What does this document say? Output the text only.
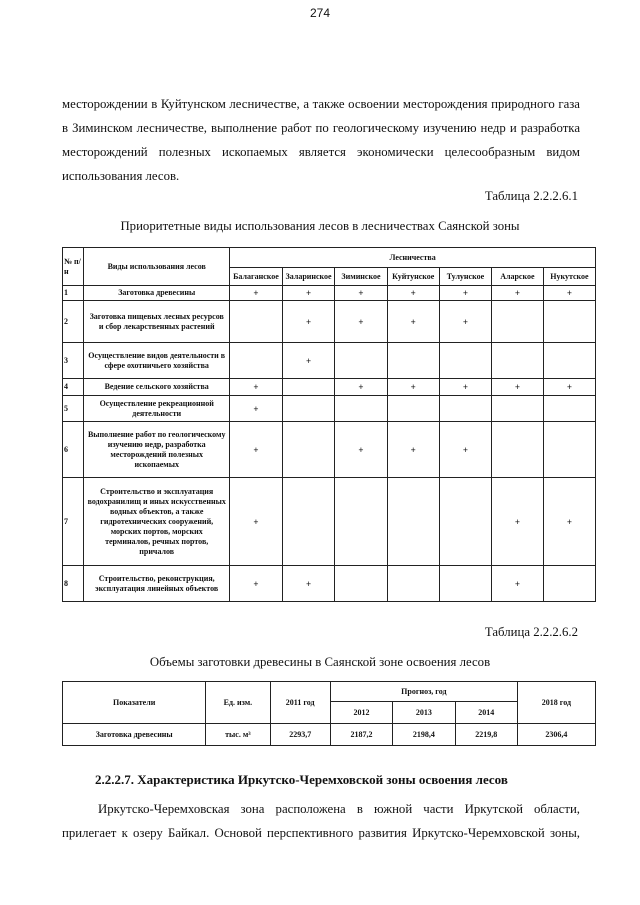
274
месторождении в Куйтунском лесничестве, а также освоении месторождения природного газа
в Зиминском лесничестве, выполнение работ по геологическому изучению недр и разработка
месторождений полезных ископаемых является экономически целесообразным видом
использования лесов.
Таблица 2.2.2.6.1
Приоритетные виды использования лесов в лесничествах Саянской зоны
№ п/н	Виды использования лесов	Лесничества						
		Балаганское	Заларинское	Зиминское	Куйтунское	Тулунское	Аларское	Нукутское
1	Заготовка древесины	+	+	+	+	+	+	+
2	Заготовка пищевых лесных ресурсов и сбор лекарственных растений		+	+	+	+		
3	Осуществление видов деятельности в сфере охотничьего хозяйства		+					
4	Ведение сельского хозяйства	+		+	+	+	+	+
5	Осуществление рекреационной деятельности	+						
6	Выполнение работ по геологическому изучению недр, разработка месторождений полезных ископаемых	+		+	+	+		
7	Строительство и эксплуатация водохранилищ и иных искусственных водных объектов, а также гидротехнических сооружений, морских портов, морских терминалов, речных портов, причалов	+					+	+
8	Строительство, реконструкция, эксплуатация линейных объектов	+	+				+	
Таблица 2.2.2.6.2
Объемы заготовки древесины в Саянской зоне освоения лесов
Показатели	Ед. изм.	2011 год	Прогноз, год			2018 год
			2012	2013	2014	
Заготовка древесины	тыс. м³	2293,7	2187,2	2198,4	2219,8	2306,4
2.2.2.7. Характеристика Иркутско-Черемховской зоны освоения лесов
Иркутско-Черемховская зона расположена в южной части Иркутской области,
прилегает к озеру Байкал. Основой перспективного развития Иркутско-Черемховской зоны,
